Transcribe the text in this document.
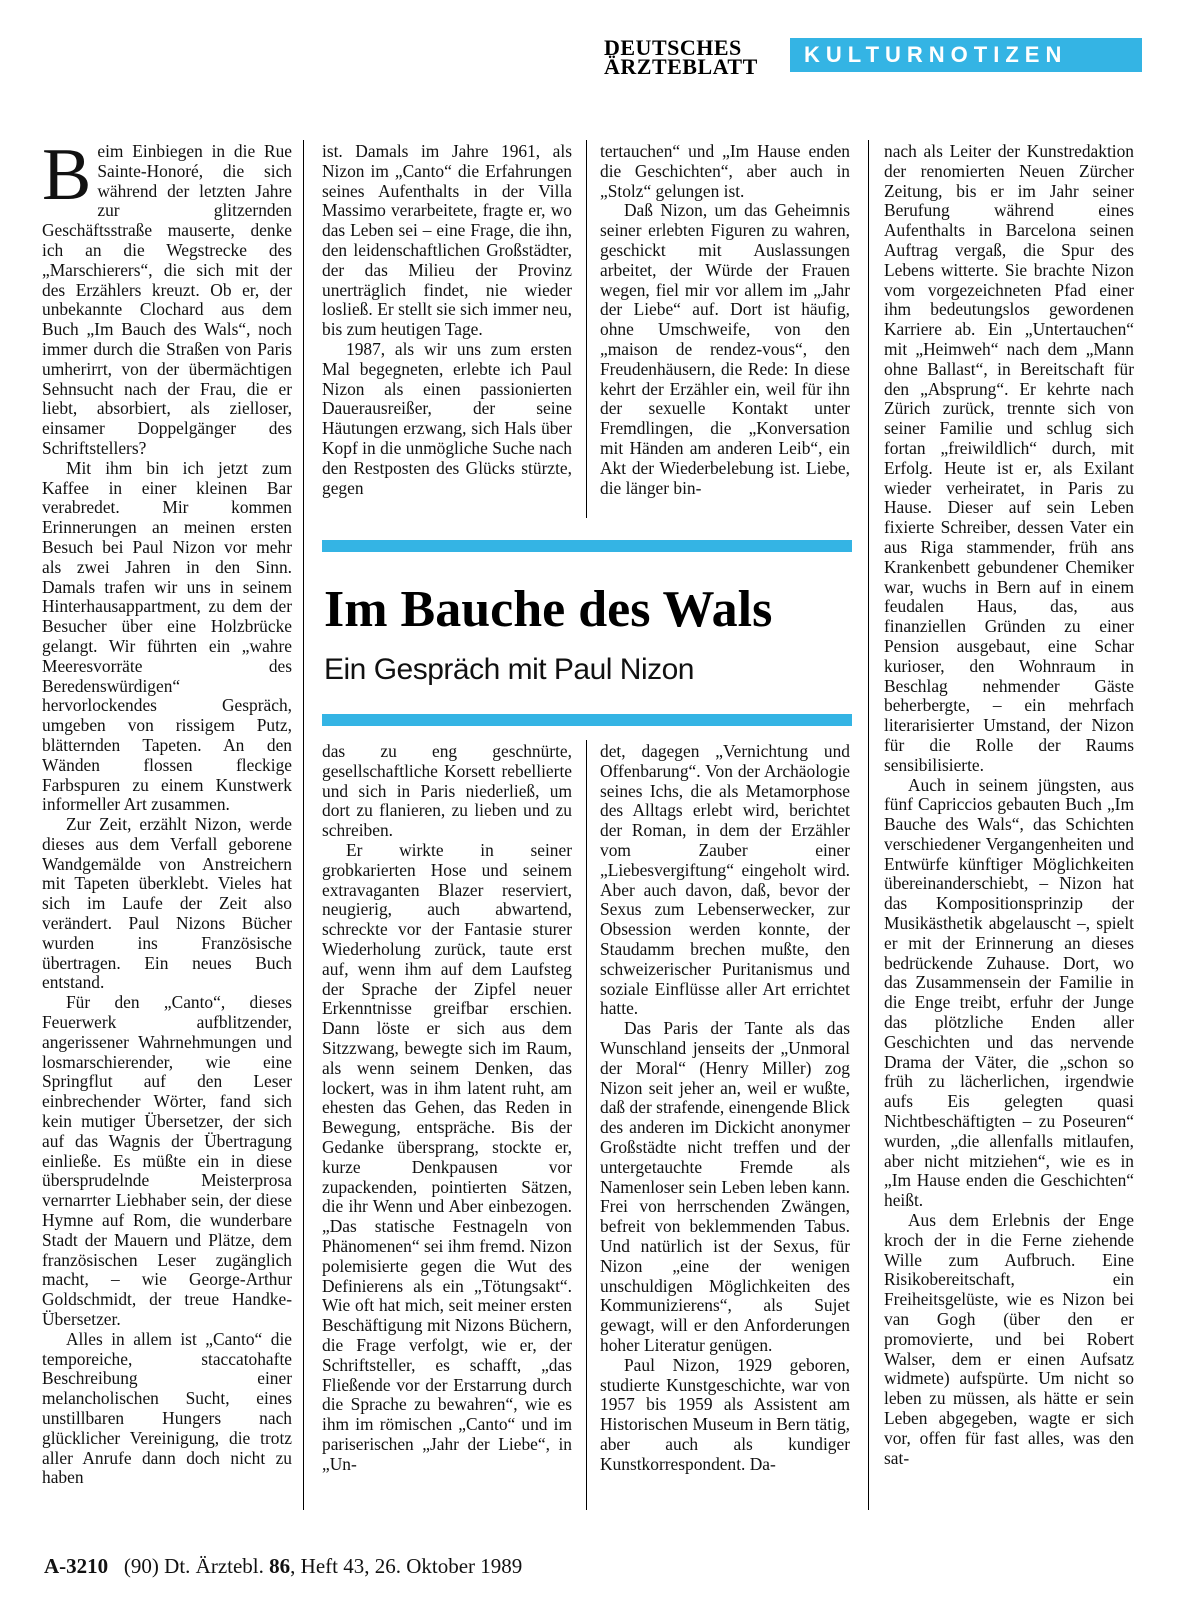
DEUTSCHES
ÄRZTEBLATT	KULTURNOTIZEN
B eim Einbiegen in die Rue Sainte-Honoré, die sich während der letzten Jahre zur glitzernden Geschäftsstraße mauserte, denke ich an die Wegstrecke des „Marschierers“, die sich mit der des Erzählers kreuzt. Ob er, der unbekannte Clochard aus dem Buch „Im Bauch des Wals“, noch immer durch die Straßen von Paris umherirrt, von der übermächtigen Sehnsucht nach der Frau, die er liebt, absorbiert, als zielloser, einsamer Doppelgänger des Schriftstellers?

Mit ihm bin ich jetzt zum Kaffee in einer kleinen Bar verabredet. Mir kommen Erinnerungen an meinen ersten Besuch bei Paul Nizon vor mehr als zwei Jahren in den Sinn. Damals trafen wir uns in seinem Hinterhausappartment, zu dem der Besucher über eine Holzbrücke gelangt. Wir führten ein „wahre Meeresvorräte des Beredenswürdigen“ hervorlockendes Gespräch, umgeben von rissigem Putz, blätternden Tapeten. An den Wänden flossen fleckige Farbspuren zu einem Kunstwerk informeller Art zusammen.

Zur Zeit, erzählt Nizon, werde dieses aus dem Verfall geborene Wandgemälde von Anstreichern mit Tapeten überklebt. Vieles hat sich im Laufe der Zeit also verändert. Paul Nizons Bücher wurden ins Französische übertragen. Ein neues Buch entstand.

Für den „Canto“, dieses Feuerwerk aufblitzender, angerissener Wahrnehmungen und losmarschierender, wie eine Springflut auf den Leser einbrechender Wörter, fand sich kein mutiger Übersetzer, der sich auf das Wagnis der Übertragung einließe. Es müßte ein in diese übersprudelnde Meisterprosa vernarrter Liebhaber sein, der diese Hymne auf Rom, die wunderbare Stadt der Mauern und Plätze, dem französischen Leser zugänglich macht, – wie George-Arthur Goldschmidt, der treue Handke-Übersetzer.

Alles in allem ist „Canto“ die temporeiche, staccatohafte Beschreibung einer melancholischen Sucht, eines unstillbaren Hungers nach glücklicher Vereinigung, die trotz aller Anrufe dann doch nicht zu haben

ist. Damals im Jahre 1961, als Nizon im „Canto“ die Erfahrungen seines Aufenthalts in der Villa Massimo verarbeitete, fragte er, wo das Leben sei – eine Frage, die ihn, den leidenschaftlichen Großstädter, der das Milieu der Provinz unerträglich findet, nie wieder losließ. Er stellt sie sich immer neu, bis zum heutigen Tage.

1987, als wir uns zum ersten Mal begegneten, erlebte ich Paul Nizon als einen passionierten Dauerausreißer, der seine Häutungen erzwang, sich Hals über Kopf in die unmögliche Suche nach den Restposten des Glücks stürzte, gegen

tertauchen“ und „Im Hause enden die Geschichten“, aber auch in „Stolz“ gelungen ist.

Daß Nizon, um das Geheimnis seiner erlebten Figuren zu wahren, geschickt mit Auslassungen arbeitet, der Würde der Frauen wegen, fiel mir vor allem im „Jahr der Liebe“ auf. Dort ist häufig, ohne Umschweife, von den „maison de rendez-vous“, den Freudenhäusern, die Rede: In diese kehrt der Erzähler ein, weil für ihn der sexuelle Kontakt unter Fremdlingen, die „Konversation mit Händen am anderen Leib“, ein Akt der Wiederbelebung ist. Liebe, die länger bin-

Im Bauche des Wals
Ein Gespräch mit Paul Nizon

das zu eng geschnürte, gesellschaftliche Korsett rebellierte und sich in Paris niederließ, um dort zu flanieren, zu lieben und zu schreiben.

Er wirkte in seiner grobkarierten Hose und seinem extravaganten Blazer reserviert, neugierig, auch abwartend, schreckte vor der Fantasie sturer Wiederholung zurück, taute erst auf, wenn ihm auf dem Laufsteg der Sprache der Zipfel neuer Erkenntnisse greifbar erschien. Dann löste er sich aus dem Sitzzwang, bewegte sich im Raum, als wenn seinem Denken, das lockert, was in ihm latent ruht, am ehesten das Gehen, das Reden in Bewegung, entspräche. Bis der Gedanke übersprang, stockte er, kurze Denkpausen vor zupackenden, pointierten Sätzen, die ihr Wenn und Aber einbezogen. „Das statische Festnageln von Phänomenen“ sei ihm fremd. Nizon polemisierte gegen die Wut des Definierens als ein „Tötungsakt“. Wie oft hat mich, seit meiner ersten Beschäftigung mit Nizons Büchern, die Frage verfolgt, wie er, der Schriftsteller, es schafft, „das Fließende vor der Erstarrung durch die Sprache zu bewahren“, wie es ihm im römischen „Canto“ und im pariserischen „Jahr der Liebe“, in „Un-

det, dagegen „Vernichtung und Offenbarung“. Von der Archäologie seines Ichs, die als Metamorphose des Alltags erlebt wird, berichtet der Roman, in dem der Erzähler vom Zauber einer „Liebesvergiftung“ eingeholt wird. Aber auch davon, daß, bevor der Sexus zum Lebenserwecker, zur Obsession werden konnte, der Staudamm brechen mußte, den schweizerischer Puritanismus und soziale Einflüsse aller Art errichtet hatte.

Das Paris der Tante als das Wunschland jenseits der „Unmoral der Moral“ (Henry Miller) zog Nizon seit jeher an, weil er wußte, daß der strafende, einengende Blick des anderen im Dickicht anonymer Großstädte nicht treffen und der untergetauchte Fremde als Namenloser sein Leben leben kann. Frei von herrschenden Zwängen, befreit von beklemmenden Tabus. Und natürlich ist der Sexus, für Nizon „eine der wenigen unschuldigen Möglichkeiten des Kommunizierens“, als Sujet gewagt, will er den Anforderungen hoher Literatur genügen.

Paul Nizon, 1929 geboren, studierte Kunstgeschichte, war von 1957 bis 1959 als Assistent am Historischen Museum in Bern tätig, aber auch als kundiger Kunstkorrespondent. Da-

nach als Leiter der Kunstredaktion der renomierten Neuen Zürcher Zeitung, bis er im Jahr seiner Berufung während eines Aufenthalts in Barcelona seinen Auftrag vergaß, die Spur des Lebens witterte. Sie brachte Nizon vom vorgezeichneten Pfad einer ihm bedeutungslos gewordenen Karriere ab. Ein „Untertauchen“ mit „Heimweh“ nach dem „Mann ohne Ballast“, in Bereitschaft für den „Absprung“. Er kehrte nach Zürich zurück, trennte sich von seiner Familie und schlug sich fortan „freiwildlich“ durch, mit Erfolg. Heute ist er, als Exilant wieder verheiratet, in Paris zu Hause. Dieser auf sein Leben fixierte Schreiber, dessen Vater ein aus Riga stammender, früh ans Krankenbett gebundener Chemiker war, wuchs in Bern auf in einem feudalen Haus, das, aus finanziellen Gründen zu einer Pension ausgebaut, eine Schar kurioser, den Wohnraum in Beschlag nehmender Gäste beherbergte, – ein mehrfach literarisierter Umstand, der Nizon für die Rolle der Raums sensibilisierte.

Auch in seinem jüngsten, aus fünf Capriccios gebauten Buch „Im Bauche des Wals“, das Schichten verschiedener Vergangenheiten und Entwürfe künftiger Möglichkeiten übereinanderschiebt, – Nizon hat das Kompositionsprinzip der Musikästhetik abgelauscht –, spielt er mit der Erinnerung an dieses bedrückende Zuhause. Dort, wo das Zusammensein der Familie in die Enge treibt, erfuhr der Junge das plötzliche Enden aller Geschichten und das nervende Drama der Väter, die „schon so früh zu lächerlichen, irgendwie aufs Eis gelegten quasi Nichtbeschäftigten – zu Poseuren“ wurden, „die allenfalls mitlaufen, aber nicht mitziehen“, wie es in „Im Hause enden die Geschichten“ heißt.

Aus dem Erlebnis der Enge kroch der in die Ferne ziehende Wille zum Aufbruch. Eine Risikobereitschaft, ein Freiheitsgelüste, wie es Nizon bei van Gogh (über den er promovierte, und bei Robert Walser, dem er einen Aufsatz widmete) aufspürte. Um nicht so leben zu müssen, als hätte er sein Leben abgegeben, wagte er sich vor, offen für fast alles, was den sat-

A-3210 (90) Dt. Ärztebl. 86, Heft 43, 26. Oktober 1989
